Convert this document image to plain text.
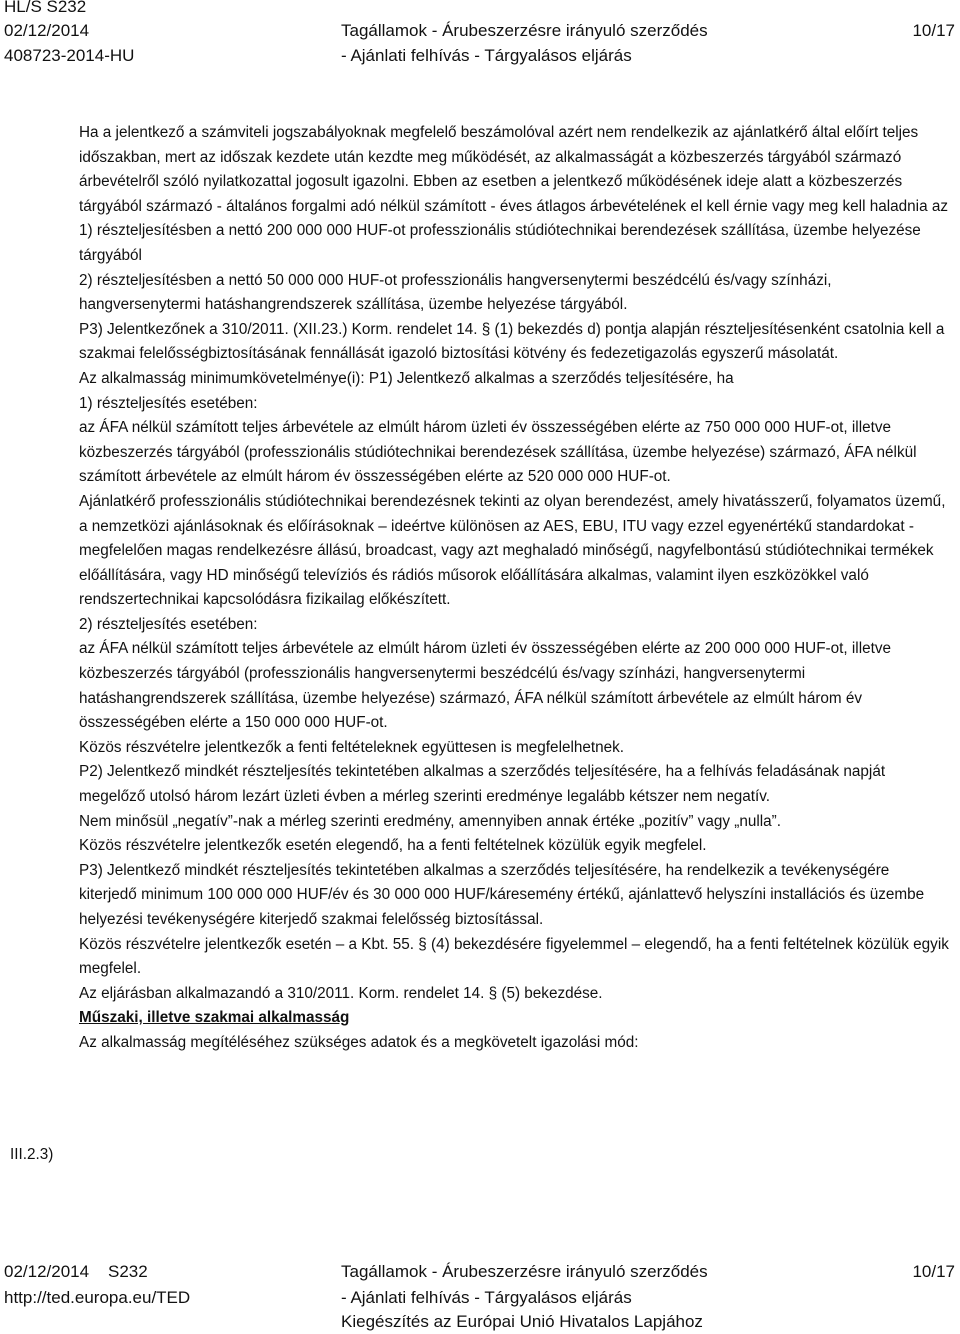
HL/S S232
02/12/2014
408723-2014-HU
Tagállamok - Árubeszerzésre irányuló szerződés
- Ajánlati felhívás - Tárgyalásos eljárás
10/17

Ha a jelentkező a számviteli jogszabályoknak megfelelő beszámolóval azért nem rendelkezik az ajánlatkérő által előírt teljes időszakban, mert az időszak kezdete után kezdte meg működését, az alkalmasságát a közbeszerzés tárgyából származó árbevételről szóló nyilatkozattal jogosult igazolni. Ebben az esetben a jelentkező működésének ideje alatt a közbeszerzés tárgyából származó - általános forgalmi adó nélkül számított - éves átlagos árbevételének el kell érnie vagy meg kell haladnia az

1) részteljesítésben a nettó 200 000 000 HUF-ot professzionális stúdiótechnikai berendezések szállítása, üzembe helyezése tárgyából

2) részteljesítésben a nettó 50 000 000 HUF-ot professzionális hangversenytermi beszédcélú és/vagy színházi, hangversenytermi hatáshangrendszerek szállítása, üzembe helyezése tárgyából.

P3) Jelentkezőnek a 310/2011. (XII.23.) Korm. rendelet 14. § (1) bekezdés d) pontja alapján részteljesítésenként csatolnia kell a szakmai felelősségbiztosításának fennállását igazoló biztosítási kötvény és fedezetigazolás egyszerű másolatát.

Az alkalmasság minimumkövetelménye(i): P1) Jelentkező alkalmas a szerződés teljesítésére, ha

1) részteljesítés esetében:

az ÁFA nélkül számított teljes árbevétele az elmúlt három üzleti év összességében elérte az 750 000 000 HUF-ot, illetve közbeszerzés tárgyából (professzionális stúdiótechnikai berendezések szállítása, üzembe helyezése) származó, ÁFA nélkül számított árbevétele az elmúlt három év összességében elérte az 520 000 000 HUF-ot.

Ajánlatkérő professzionális stúdiótechnikai berendezésnek tekinti az olyan berendezést, amely hivatásszerű, folyamatos üzemű, a nemzetközi ajánlásoknak és előírásoknak – ideértve különösen az AES, EBU, ITU vagy ezzel egyenértékű standardokat - megfelelően magas rendelkezésre állású, broadcast, vagy azt meghaladó minőségű, nagyfelbontású stúdiótechnikai termékek előállítására, vagy HD minőségű televíziós és rádiós műsorok előállítására alkalmas, valamint ilyen eszközökkel való rendszertechnikai kapcsolódásra fizikailag előkészített.

2) részteljesítés esetében:

az ÁFA nélkül számított teljes árbevétele az elmúlt három üzleti év összességében elérte az 200 000 000 HUF-ot, illetve közbeszerzés tárgyából (professzionális hangversenytermi beszédcélú és/vagy színházi, hangversenytermi hatáshangrendszerek szállítása, üzembe helyezése) származó, ÁFA nélkül számított árbevétele az elmúlt három év összességében elérte a 150 000 000 HUF-ot.

Közös részvételre jelentkezők a fenti feltételeknek együttesen is megfelelhetnek.

P2) Jelentkező mindkét részteljesítés tekintetében alkalmas a szerződés teljesítésére, ha a felhívás feladásának napját megelőző utolsó három lezárt üzleti évben a mérleg szerinti eredménye legalább kétszer nem negatív.

Nem minősül „negatív”-nak a mérleg szerinti eredmény, amennyiben annak értéke „pozitív” vagy „nulla”.

Közös részvételre jelentkezők esetén elegendő, ha a fenti feltételnek közülük egyik megfelel.

P3) Jelentkező mindkét részteljesítés tekintetében alkalmas a szerződés teljesítésére, ha rendelkezik a tevékenységére kiterjedő minimum 100 000 000 HUF/év és 30 000 000 HUF/káresemény értékű, ajánlattevő helyszíni installációs és üzembe helyezési tevékenységére kiterjedő szakmai felelősség biztosítással.

Közös részvételre jelentkezők esetén – a Kbt. 55. § (4) bekezdésére figyelemmel – elegendő, ha a fenti feltételnek közülük egyik megfelel.

Az eljárásban alkalmazandó a 310/2011. Korm. rendelet 14. § (5) bekezdése.

Műszaki, illetve szakmai alkalmasság

Az alkalmasság megítéléséhez szükséges adatok és a megkövetelt igazolási mód:

III.2.3)
02/12/2014 S232
http://ted.europa.eu/TED
Tagállamok - Árubeszerzésre irányuló szerződés
- Ajánlati felhívás - Tárgyalásos eljárás
Kiegészítés az Európai Unió Hivatalos Lapjához
10/17
